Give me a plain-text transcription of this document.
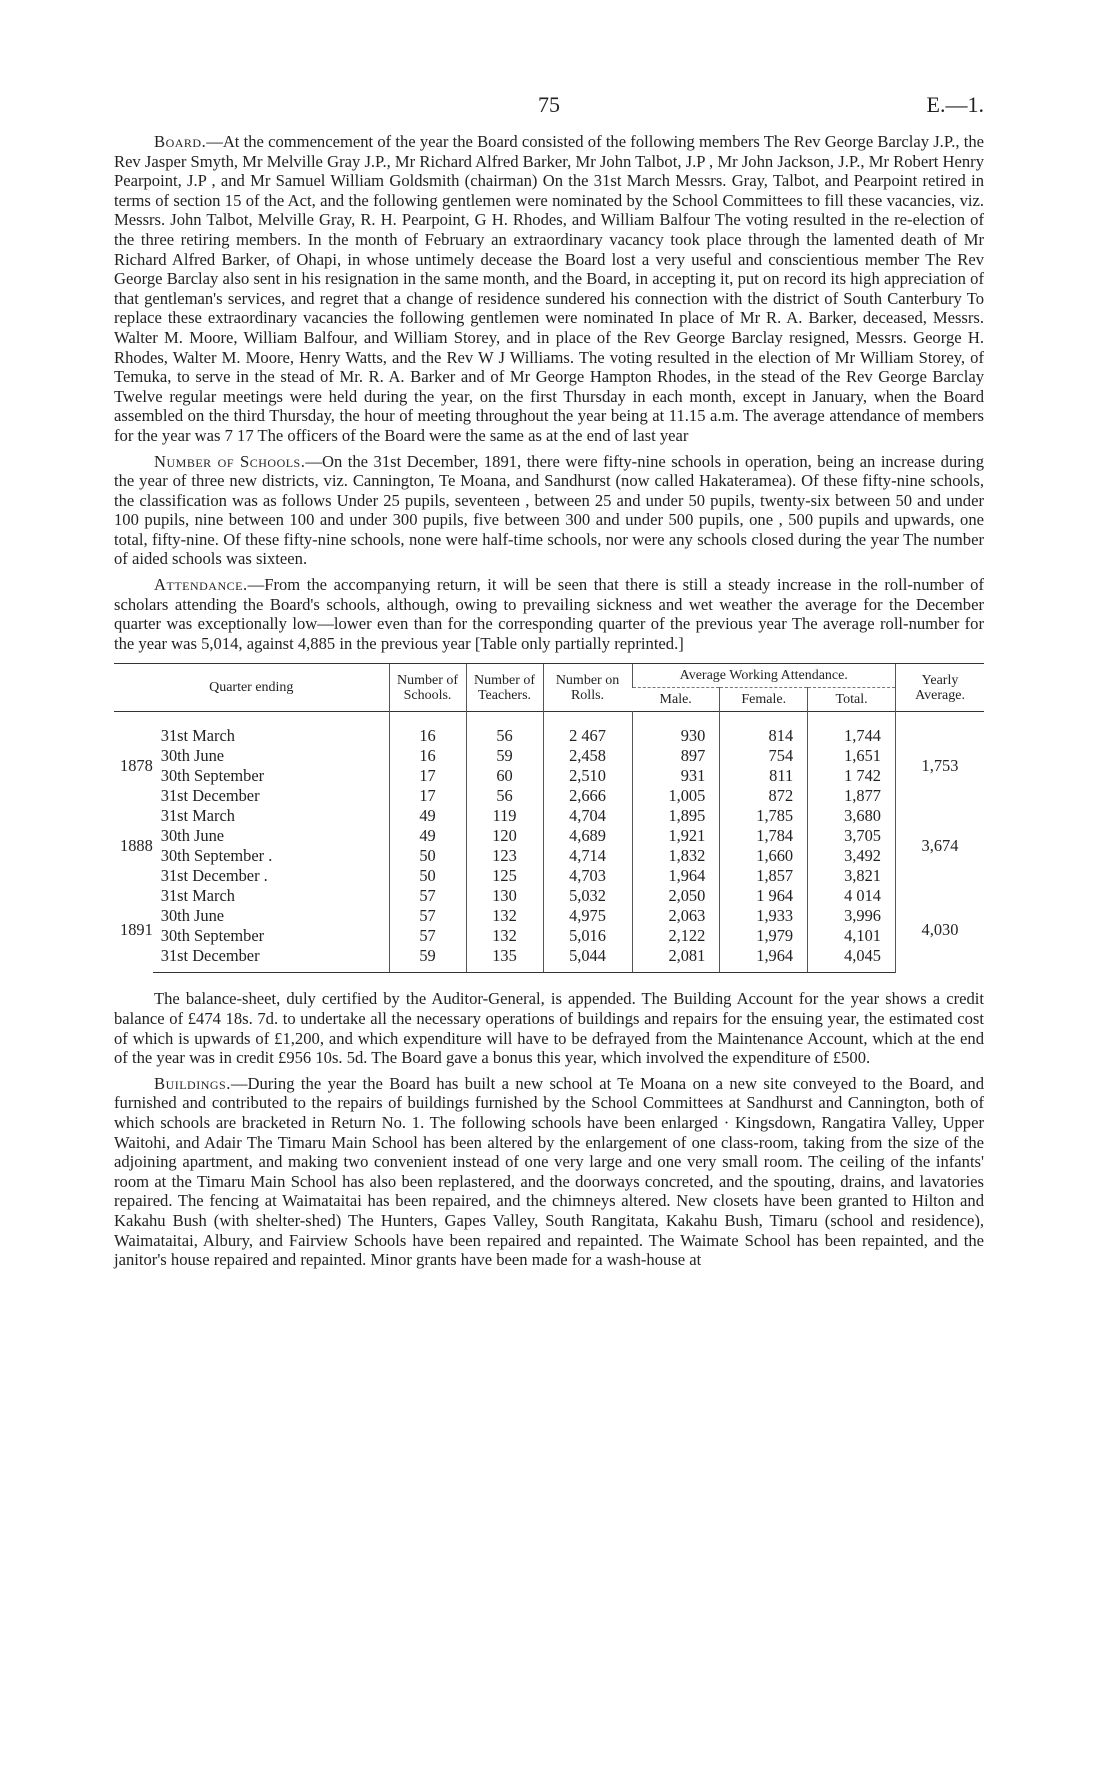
75	E.—1.

Board.—At the commencement of the year the Board consisted of the following members The Rev George Barclay J.P., the Rev Jasper Smyth, Mr Melville Gray J.P., Mr Richard Alfred Barker, Mr John Talbot, J.P , Mr John Jackson, J.P., Mr Robert Henry Pearpoint, J.P , and Mr Samuel William Goldsmith (chairman) On the 31st March Messrs. Gray, Talbot, and Pearpoint retired in terms of section 15 of the Act, and the following gentlemen were nominated by the School Committees to fill these vacancies, viz. Messrs. John Talbot, Melville Gray, R. H. Pearpoint, G H. Rhodes, and William Balfour The voting resulted in the re-election of the three retiring members. In the month of February an extraordinary vacancy took place through the lamented death of Mr Richard Alfred Barker, of Ohapi, in whose untimely decease the Board lost a very useful and conscientious member The Rev George Barclay also sent in his resignation in the same month, and the Board, in accepting it, put on record its high appreciation of that gentleman's services, and regret that a change of residence sundered his connection with the district of South Canterbury To replace these extraordinary vacancies the following gentlemen were nominated In place of Mr R. A. Barker, deceased, Messrs. Walter M. Moore, William Balfour, and William Storey, and in place of the Rev George Barclay resigned, Messrs. George H. Rhodes, Walter M. Moore, Henry Watts, and the Rev W J Williams. The voting resulted in the election of Mr William Storey, of Temuka, to serve in the stead of Mr. R. A. Barker and of Mr George Hampton Rhodes, in the stead of the Rev George Barclay Twelve regular meetings were held during the year, on the first Thursday in each month, except in January, when the Board assembled on the third Thursday, the hour of meeting throughout the year being at 11.15 a.m. The average attendance of members for the year was 7 17 The officers of the Board were the same as at the end of last year

Number of Schools.—On the 31st December, 1891, there were fifty-nine schools in operation, being an increase during the year of three new districts, viz. Cannington, Te Moana, and Sandhurst (now called Hakateramea). Of these fifty-nine schools, the classification was as follows Under 25 pupils, seventeen , between 25 and under 50 pupils, twenty-six between 50 and under 100 pupils, nine between 100 and under 300 pupils, five between 300 and under 500 pupils, one , 500 pupils and upwards, one total, fifty-nine. Of these fifty-nine schools, none were half-time schools, nor were any schools closed during the year The number of aided schools was sixteen.

Attendance.—From the accompanying return, it will be seen that there is still a steady increase in the roll-number of scholars attending the Board's schools, although, owing to prevailing sickness and wet weather the average for the December quarter was exceptionally low—lower even than for the corresponding quarter of the previous year The average roll-number for the year was 5,014, against 4,885 in the previous year [Table only partially reprinted.]

Quarter ending		Number of Schools.	Number of Teachers.	Number on Rolls.	Average Working Attendance.			Yearly Average.
					Male.	Female.	Total.	
1878	31st March	16	56	2 467	930	814	1,744	1,753
	30th June	16	59	2,458	897	754	1,651	
	30th September	17	60	2,510	931	811	1 742	
	31st December	17	56	2,666	1,005	872	1,877	
1888	31st March	49	119	4,704	1,895	1,785	3,680	3,674
	30th June	49	120	4,689	1,921	1,784	3,705	
	30th September .	50	123	4,714	1,832	1,660	3,492	
	31st December .	50	125	4,703	1,964	1,857	3,821	
1891	31st March	57	130	5,032	2,050	1 964	4 014	4,030
	30th June	57	132	4,975	2,063	1,933	3,996	
	30th September	57	132	5,016	2,122	1,979	4,101	
	31st December	59	135	5,044	2,081	1,964	4,045	

The balance-sheet, duly certified by the Auditor-General, is appended. The Building Account for the year shows a credit balance of £474 18s. 7d. to undertake all the necessary operations of buildings and repairs for the ensuing year, the estimated cost of which is upwards of £1,200, and which expenditure will have to be defrayed from the Maintenance Account, which at the end of the year was in credit £956 10s. 5d. The Board gave a bonus this year, which involved the expenditure of £500.

Buildings.—During the year the Board has built a new school at Te Moana on a new site conveyed to the Board, and furnished and contributed to the repairs of buildings furnished by the School Committees at Sandhurst and Cannington, both of which schools are bracketed in Return No. 1. The following schools have been enlarged · Kingsdown, Rangatira Valley, Upper Waitohi, and Adair The Timaru Main School has been altered by the enlargement of one class-room, taking from the size of the adjoining apartment, and making two convenient instead of one very large and one very small room. The ceiling of the infants' room at the Timaru Main School has also been replastered, and the doorways concreted, and the spouting, drains, and lavatories repaired. The fencing at Waimataitai has been repaired, and the chimneys altered. New closets have been granted to Hilton and Kakahu Bush (with shelter-shed) The Hunters, Gapes Valley, South Rangitata, Kakahu Bush, Timaru (school and residence), Waimataitai, Albury, and Fairview Schools have been repaired and repainted. The Waimate School has been repainted, and the janitor's house repaired and repainted. Minor grants have been made for a wash-house at
